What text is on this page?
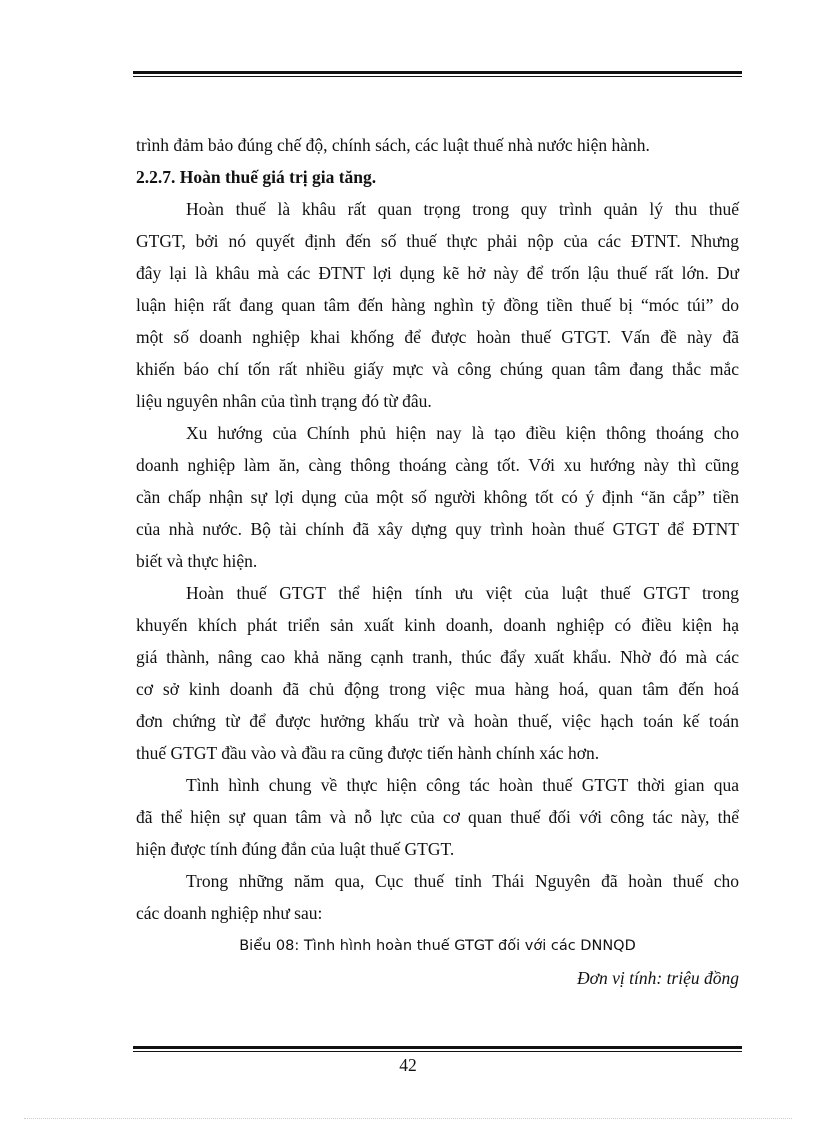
trình đảm bảo đúng chế độ, chính sách, các luật thuế nhà nước hiện hành.
2.2.7. Hoàn thuế giá trị gia tăng.
Hoàn thuế là khâu rất quan trọng trong quy trình quản lý thu thuế
GTGT, bởi nó quyết định đến số thuế thực phải nộp của các ĐTNT. Nhưng
đây lại là khâu mà các ĐTNT lợi dụng kẽ hở này để trốn lậu thuế rất lớn. Dư
luận hiện rất đang quan tâm đến hàng nghìn tỷ đồng tiền thuế bị “móc túi” do
một số doanh nghiệp khai khống để được hoàn thuế GTGT. Vấn đề này đã
khiến báo chí tốn rất nhiều giấy mực và công chúng quan tâm đang thắc mắc
liệu nguyên nhân của tình trạng đó từ đâu.
Xu hướng của Chính phủ hiện nay là tạo điều kiện thông thoáng cho
doanh nghiệp làm ăn, càng thông thoáng càng tốt. Với xu hướng này thì cũng
cần chấp nhận sự lợi dụng của một số người không tốt có ý định “ăn cắp” tiền
của nhà nước. Bộ tài chính đã xây dựng quy trình hoàn thuế GTGT để ĐTNT
biết và thực hiện.
Hoàn thuế GTGT thể hiện tính ưu việt của luật thuế GTGT trong
khuyến khích phát triển sản xuất kinh doanh, doanh nghiệp có điều kiện hạ
giá thành, nâng cao khả năng cạnh tranh, thúc đẩy xuất khẩu. Nhờ đó mà các
cơ sở kinh doanh đã chủ động trong việc mua hàng hoá, quan tâm đến hoá
đơn chứng từ để được hưởng khấu trừ và hoàn thuế, việc hạch toán kế toán
thuế GTGT đầu vào và đầu ra cũng được tiến hành chính xác hơn.
Tình hình chung về thực hiện công tác hoàn thuế GTGT thời gian qua
đã thể hiện sự quan tâm và nỗ lực của cơ quan thuế đối với công tác này, thể
hiện được tính đúng đắn của luật thuế GTGT.
Trong những năm qua, Cục thuế tỉnh Thái Nguyên đã hoàn thuế cho
các doanh nghiệp như sau:
Biểu 08: Tình hình hoàn thuế GTGT đối với các DNNQD
Đơn vị tính: triệu đồng
42
